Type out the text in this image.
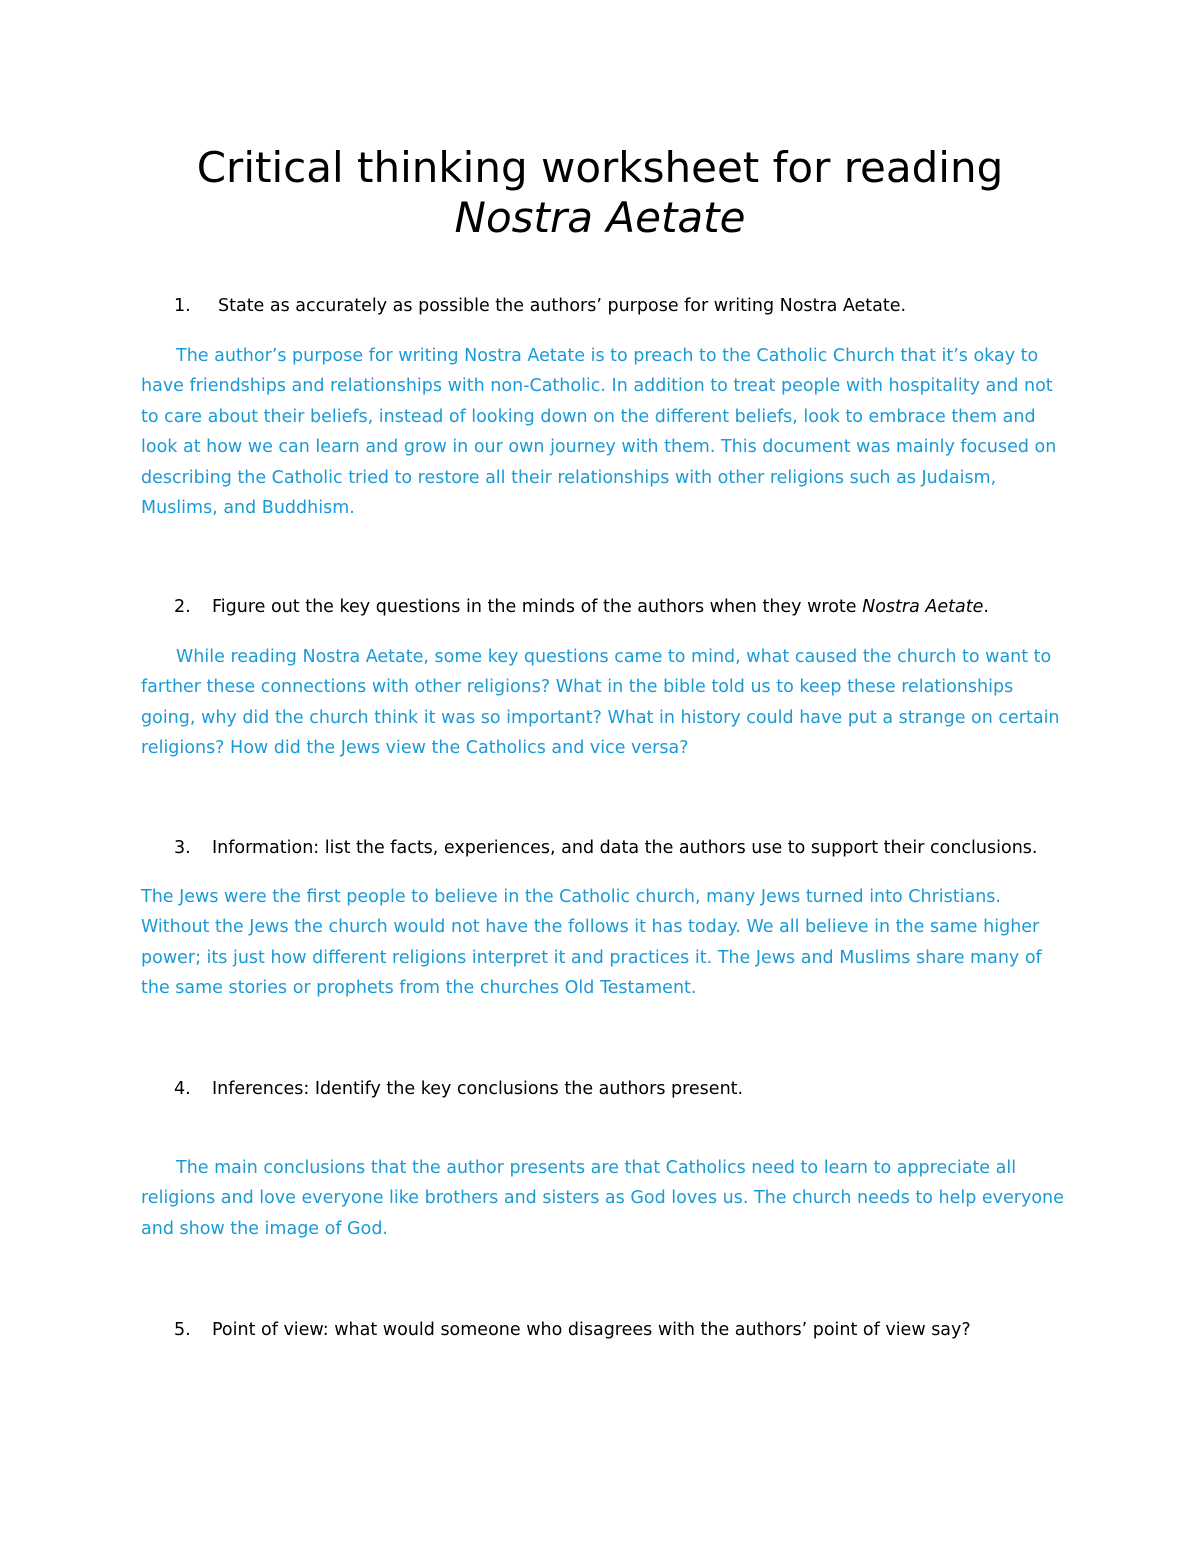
Critical thinking worksheet for reading
Nostra Aetate

1. State as accurately as possible the authors’ purpose for writing Nostra Aetate.

The author’s purpose for writing Nostra Aetate is to preach to the Catholic Church that it’s okay to have friendships and relationships with non-Catholic. In addition to treat people with hospitality and not to care about their beliefs, instead of looking down on the different beliefs, look to embrace them and look at how we can learn and grow in our own journey with them. This document was mainly focused on describing the Catholic tried to restore all their relationships with other religions such as Judaism, Muslims, and Buddhism.

2. Figure out the key questions in the minds of the authors when they wrote Nostra Aetate.

While reading Nostra Aetate, some key questions came to mind, what caused the church to want to farther these connections with other religions? What in the bible told us to keep these relationships going, why did the church think it was so important? What in history could have put a strange on certain religions? How did the Jews view the Catholics and vice versa?

3. Information: list the facts, experiences, and data the authors use to support their conclusions.

The Jews were the first people to believe in the Catholic church, many Jews turned into Christians. Without the Jews the church would not have the follows it has today. We all believe in the same higher power; its just how different religions interpret it and practices it. The Jews and Muslims share many of the same stories or prophets from the churches Old Testament.

4. Inferences: Identify the key conclusions the authors present.

The main conclusions that the author presents are that Catholics need to learn to appreciate all religions and love everyone like brothers and sisters as God loves us. The church needs to help everyone and show the image of God.

5. Point of view: what would someone who disagrees with the authors’ point of view say?
